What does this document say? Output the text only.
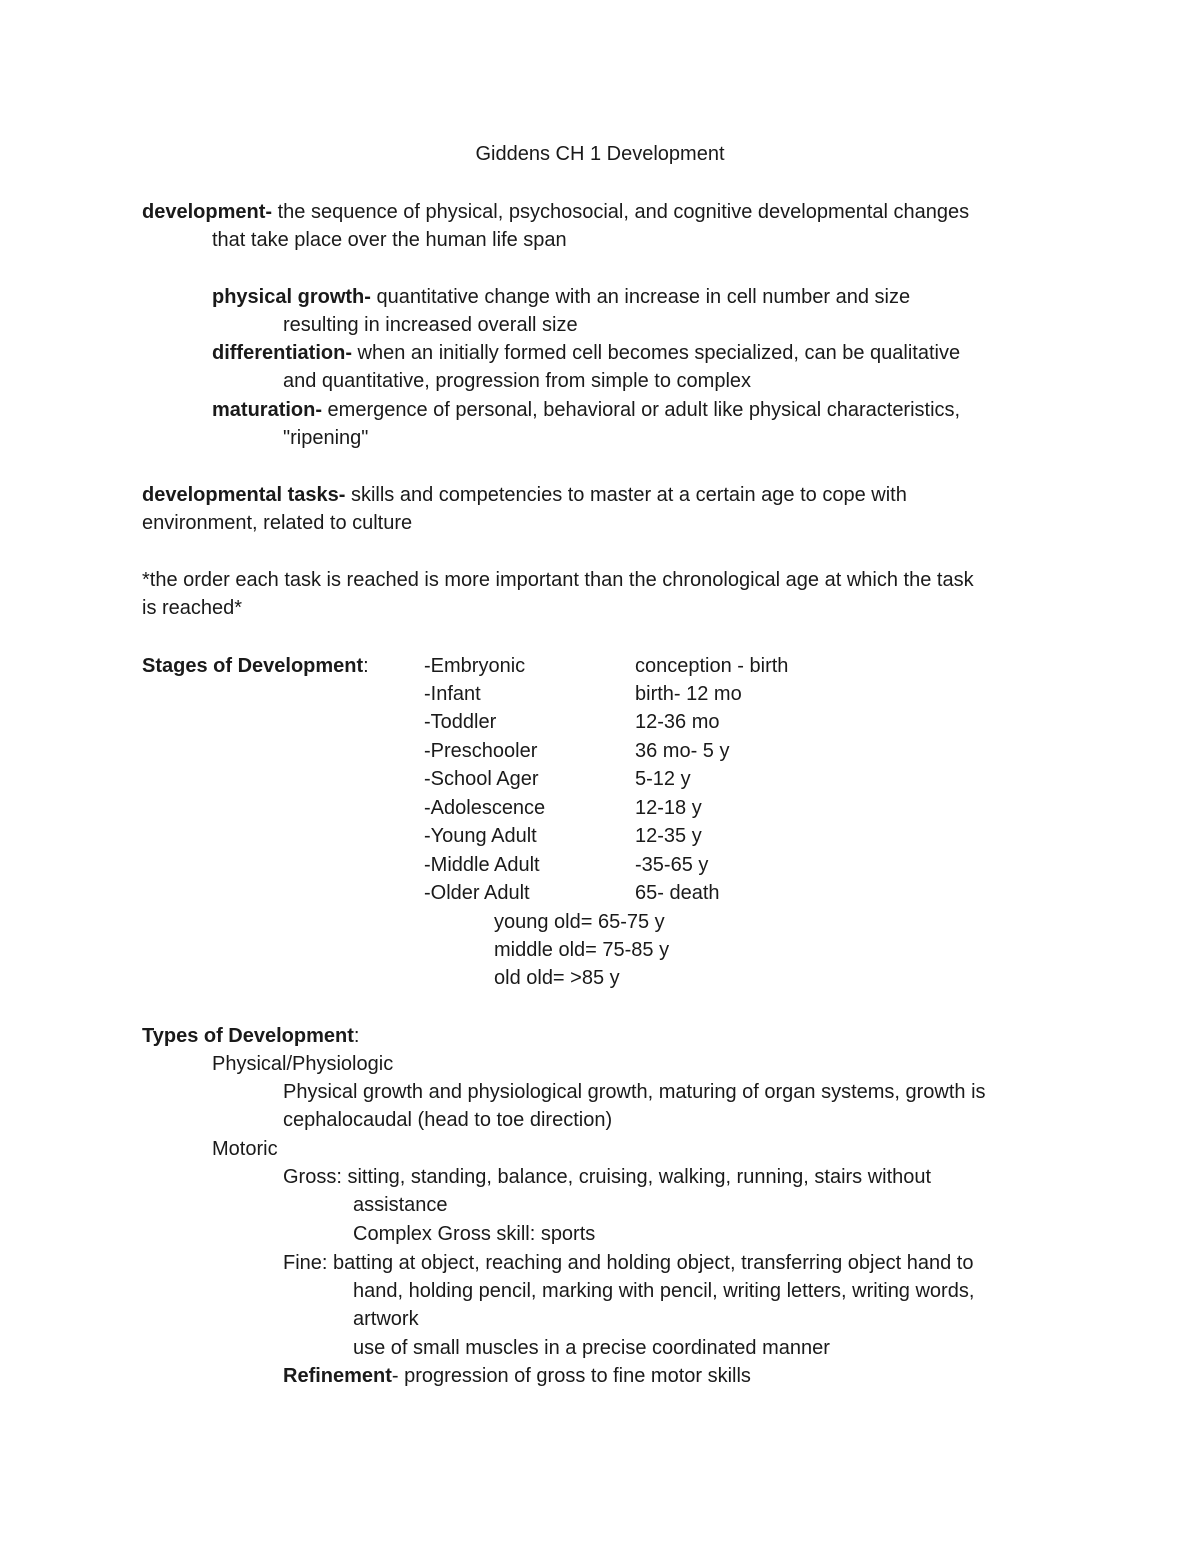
Giddens CH 1 Development
development- the sequence of physical, psychosocial, and cognitive developmental changes
that take place over the human life span
physical growth- quantitative change with an increase in cell number and size
resulting in increased overall size
differentiation- when an initially formed cell becomes specialized, can be qualitative
and quantitative, progression from simple to complex
maturation- emergence of personal, behavioral or adult like physical characteristics,
"ripening"
developmental tasks- skills and competencies to master at a certain age to cope with
environment, related to culture
*the order each task is reached is more important than the chronological age at which the task
is reached*
Stages of Development:	-Embryonic	conception - birth
-Infant	birth- 12 mo
-Toddler	12-36 mo
-Preschooler	36 mo- 5 y
-School Ager	5-12 y
-Adolescence	12-18 y
-Young Adult	12-35 y
-Middle Adult	-35-65 y
-Older Adult	65- death
young old= 65-75 y
middle old= 75-85 y
old old= >85 y
Types of Development:
Physical/Physiologic
Physical growth and physiological growth, maturing of organ systems, growth is
cephalocaudal (head to toe direction)
Motoric
Gross: sitting, standing, balance, cruising, walking, running, stairs without
assistance
Complex Gross skill: sports
Fine: batting at object, reaching and holding object, transferring object hand to
hand, holding pencil, marking with pencil, writing letters, writing words,
artwork
use of small muscles in a precise coordinated manner
Refinement- progression of gross to fine motor skills
